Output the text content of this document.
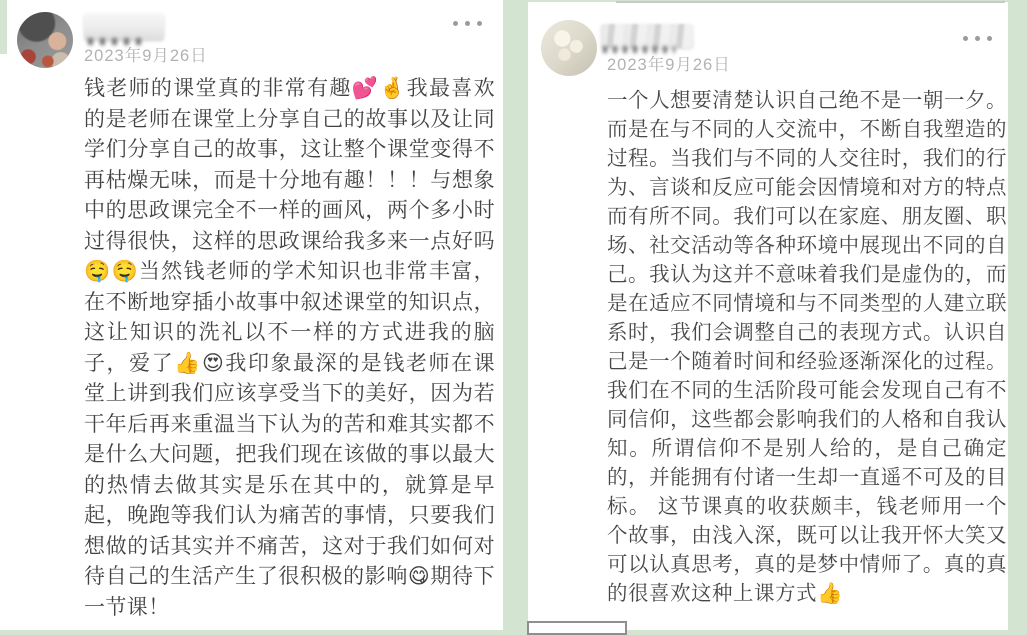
2023年9月26日

钱老师的课堂真的非常有趣💕🤞我最喜欢的是老师在课堂上分享自己的故事以及让同学们分享自己的故事，这让整个课堂变得不再枯燥无味，而是十分地有趣！！！与想象中的思政课完全不一样的画风，两个多小时过得很快，这样的思政课给我多来一点好吗🤤🤤当然钱老师的学术知识也非常丰富，在不断地穿插小故事中叙述课堂的知识点，这让知识的洗礼以不一样的方式进我的脑子，爱了👍😍我印象最深的是钱老师在课堂上讲到我们应该享受当下的美好，因为若干年后再来重温当下认为的苦和难其实都不是什么大问题，把我们现在该做的事以最大的热情去做其实是乐在其中的，就算是早起，晚跑等我们认为痛苦的事情，只要我们想做的话其实并不痛苦，这对于我们如何对待自己的生活产生了很积极的影响😋期待下一节课！

2023年9月26日

一个人想要清楚认识自己绝不是一朝一夕。而是在与不同的人交流中，不断自我塑造的过程。当我们与不同的人交往时，我们的行为、言谈和反应可能会因情境和对方的特点而有所不同。我们可以在家庭、朋友圈、职场、社交活动等各种环境中展现出不同的自己。我认为这并不意味着我们是虚伪的，而是在适应不同情境和与不同类型的人建立联系时，我们会调整自己的表现方式。认识自己是一个随着时间和经验逐渐深化的过程。我们在不同的生活阶段可能会发现自己有不同信仰，这些都会影响我们的人格和自我认知。所谓信仰不是别人给的，是自己确定的，并能拥有付诸一生却一直遥不可及的目标。 这节课真的收获颇丰，钱老师用一个个故事，由浅入深，既可以让我开怀大笑又可以认真思考，真的是梦中情师了。真的真的很喜欢这种上课方式👍
